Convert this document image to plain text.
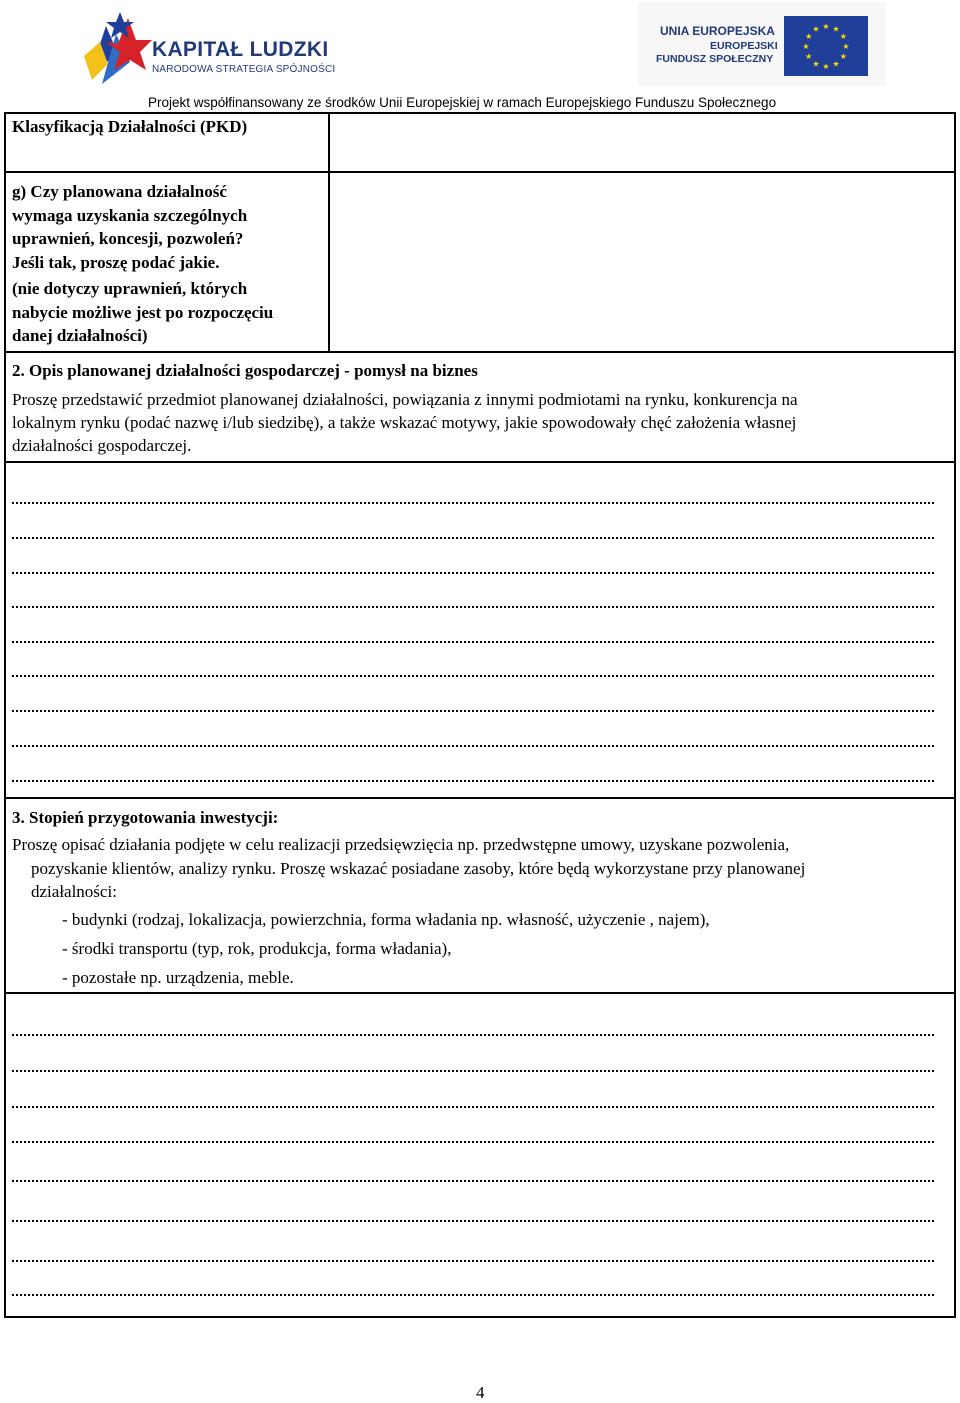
KAPITAŁ LUDZKI
NARODOWA STRATEGIA SPÓJNOŚCI
UNIA EUROPEJSKA
EUROPEJSKI
FUNDUSZ SPOŁECZNY
★ ★
★
★
★
★
★
★
★
★
★
★
Projekt współfinansowany ze środków Unii Europejskiej w ramach Europejskiego Funduszu Społecznego
Klasyfikacją Działalności (PKD)
g) Czy planowana działalność
wymaga uzyskania szczególnych
uprawnień, koncesji, pozwoleń?
Jeśli tak, proszę podać jakie.
(nie dotyczy uprawnień, których
nabycie możliwe jest po rozpoczęciu
danej działalności)
2. Opis planowanej działalności gospodarczej - pomysł na biznes
Proszę przedstawić przedmiot planowanej działalności, powiązania z innymi podmiotami na rynku, konkurencja na
lokalnym rynku (podać nazwę i/lub siedzibę), a także wskazać motywy, jakie spowodowały chęć założenia własnej
działalności gospodarczej.
3. Stopień przygotowania inwestycji:
Proszę opisać działania podjęte w celu realizacji przedsięwzięcia np. przedwstępne umowy, uzyskane pozwolenia,
pozyskanie klientów, analizy rynku. Proszę wskazać posiadane zasoby, które będą wykorzystane przy planowanej
działalności:
- budynki (rodzaj, lokalizacja, powierzchnia, forma władania np. własność, użyczenie , najem),
- środki transportu (typ, rok, produkcja, forma władania),
- pozostałe np. urządzenia, meble.
4
